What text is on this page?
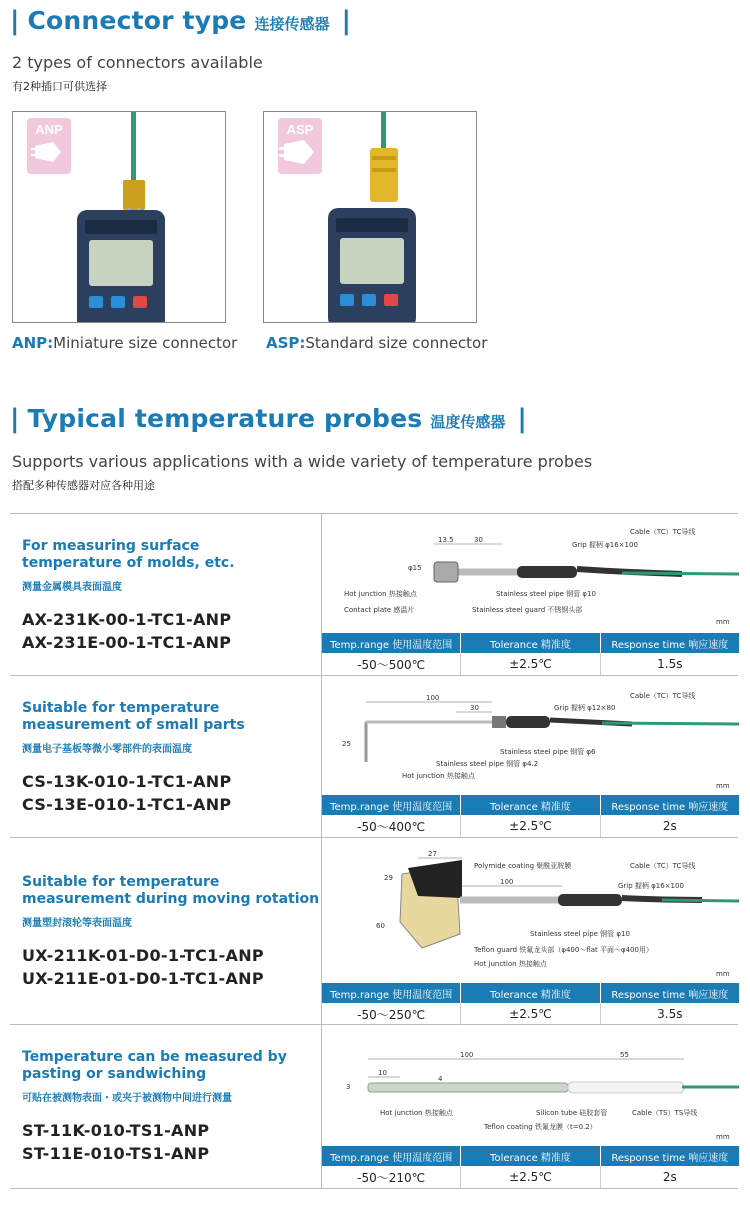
| Connector type 连接传感器 |
2 types of connectors available
有2种插口可供选择
ANP
ANP:Miniature size connector
ASP
ASP:Standard size connector
| Typical temperature probes 温度传感器 |
Supports various applications with a wide variety of temperature probes
搭配多种传感器对应各种用途
For measuring surface
temperature of molds, etc.
测量金属模具表面温度
AX-231K-00-1-TC1-ANP
AX-231E-00-1-TC1-ANP
13.5	30
φ15
Cable（TC）TC导线
Grip 握柄 φ16×100
Hot junction 热接触点
Contact plate 感温片
Stainless steel pipe 钢管 φ10
Stainless steel guard 不锈钢头部
mm
Temp.range 使用温度范围	Tolerance 精准度	Response time 响应速度
-50～500℃	±2.5℃	1.5s
Suitable for temperature
measurement of small parts
测量电子基板等微小零部件的表面温度
CS-13K-010-1-TC1-ANP
CS-13E-010-1-TC1-ANP
100
30
25
Cable（TC）TC导线
Grip 握柄 φ12×80
Stainless steel pipe 钢管 φ6
Stainless steel pipe 钢管 φ4.2
Hot junction 热接触点
mm
Temp.range 使用温度范围	Tolerance 精准度	Response time 响应速度
-50～400℃	±2.5℃	2s
Suitable for temperature
measurement during moving rotation
测量塑封滚轮等表面温度
UX-211K-01-D0-1-TC1-ANP
UX-211E-01-D0-1-TC1-ANP
27
29
60
100
Polymide coating 聚酰亚胺膜	Cable（TC）TC导线
Grip 握柄 φ16×100
Stainless steel pipe 钢管 φ10
Teflon guard 铁氟龙头部（φ400～flat 平面～φ400用）
Hot junction 热接触点
mm
Temp.range 使用温度范围	Tolerance 精准度	Response time 响应速度
-50～250℃	±2.5℃	3.5s
Temperature can be measured by
pasting or sandwiching
可贴在被测物表面・或夹于被测物中间进行测量
ST-11K-010-TS1-ANP
ST-11E-010-TS1-ANP
100	55
10
4
3
Hot junction 热接触点	Silicon tube 硅胶套管	Cable（TS）TS导线
Teflon coating 铁氟龙膜（t=0.2）
mm
Temp.range 使用温度范围	Tolerance 精准度	Response time 响应速度
-50～210℃	±2.5℃	2s
